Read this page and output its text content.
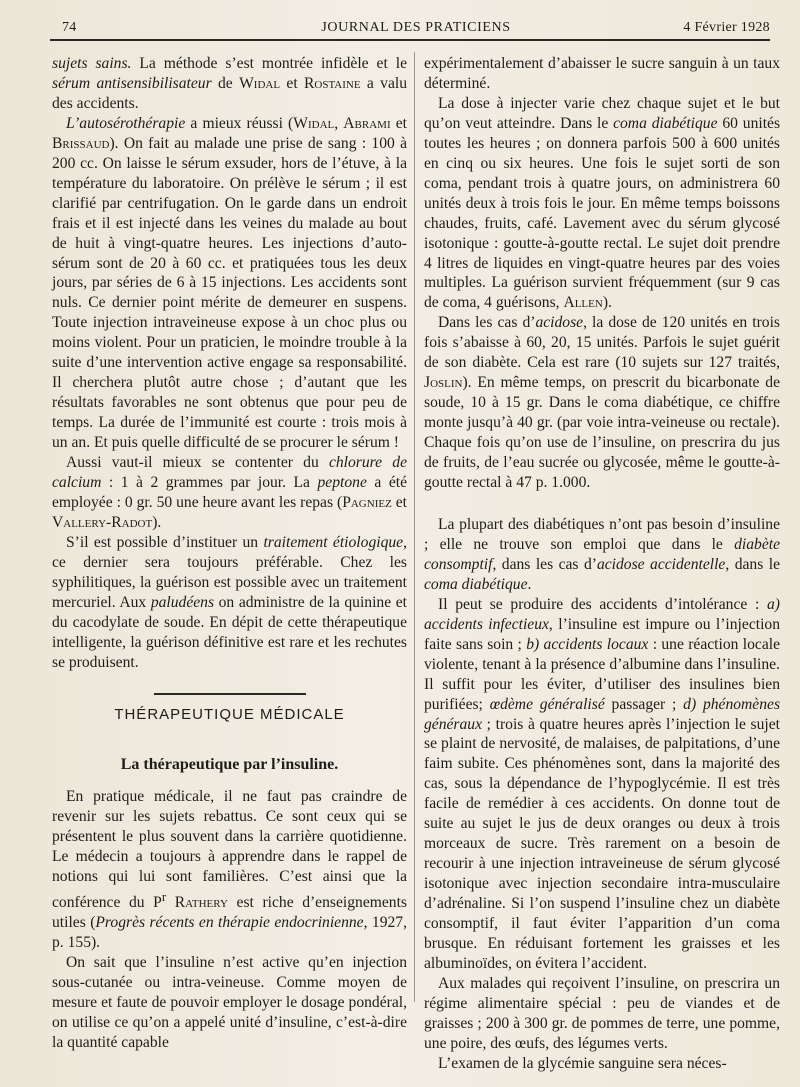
74	JOURNAL DES PRATICIENS	4 Février 1928

sujets sains. La méthode s’est montrée infidèle et le sérum antisensibilisateur de Widal et Rostaine a valu des accidents.

L’autosérothérapie a mieux réussi (Widal, Abrami et Brissaud). On fait au malade une prise de sang : 100 à 200 cc. On laisse le sérum exsuder, hors de l’étuve, à la température du laboratoire. On prélève le sérum ; il est clarifié par centrifugation. On le garde dans un endroit frais et il est injecté dans les veines du malade au bout de huit à vingt-quatre heures. Les injections d’auto-sérum sont de 20 à 60 cc. et pratiquées tous les deux jours, par séries de 6 à 15 injections. Les accidents sont nuls. Ce dernier point mérite de demeurer en suspens. Toute injection intraveineuse expose à un choc plus ou moins violent. Pour un praticien, le moindre trouble à la suite d’une intervention active engage sa responsabilité. Il cherchera plutôt autre chose ; d’autant que les résultats favorables ne sont obtenus que pour peu de temps. La durée de l’immunité est courte : trois mois à un an. Et puis quelle difficulté de se procurer le sérum !

Aussi vaut-il mieux se contenter du chlorure de calcium : 1 à 2 grammes par jour. La peptone a été employée : 0 gr. 50 une heure avant les repas (Pagniez et Vallery-Radot).

S’il est possible d’instituer un traitement étiologique, ce dernier sera toujours préférable. Chez les syphilitiques, la guérison est possible avec un traitement mercuriel. Aux paludéens on administre de la quinine et du cacodylate de soude. En dépit de cette thérapeutique intelligente, la guérison définitive est rare et les rechutes se produisent.

THÉRAPEUTIQUE MÉDICALE

La thérapeutique par l’insuline.

En pratique médicale, il ne faut pas craindre de revenir sur les sujets rebattus. Ce sont ceux qui se présentent le plus souvent dans la carrière quotidienne. Le médecin a toujours à apprendre dans le rappel de notions qui lui sont familières. C’est ainsi que la conférence du $P^r$ Rathery est riche d’enseignements utiles (Progrès récents en thérapie endocrinienne, 1927, p. 155).

On sait que l’insuline n’est active qu’en injection sous-cutanée ou intra-veineuse. Comme moyen de mesure et faute de pouvoir employer le dosage pondéral, on utilise ce qu’on a appelé unité d’insuline, c’est-à-dire la quantité capable

expérimentalement d’abaisser le sucre sanguin à un taux déterminé.

La dose à injecter varie chez chaque sujet et le but qu’on veut atteindre. Dans le coma diabétique 60 unités toutes les heures ; on donnera parfois 500 à 600 unités en cinq ou six heures. Une fois le sujet sorti de son coma, pendant trois à quatre jours, on administrera 60 unités deux à trois fois le jour. En même temps boissons chaudes, fruits, café. Lavement avec du sérum glycosé isotonique : goutte-à-goutte rectal. Le sujet doit prendre 4 litres de liquides en vingt-quatre heures par des voies multiples. La guérison survient fréquemment (sur 9 cas de coma, 4 guérisons, Allen).

Dans les cas d’acidose, la dose de 120 unités en trois fois s’abaisse à 60, 20, 15 unités. Parfois le sujet guérit de son diabète. Cela est rare (10 sujets sur 127 traités, Joslin). En même temps, on prescrit du bicarbonate de soude, 10 à 15 gr. Dans le coma diabétique, ce chiffre monte jusqu’à 40 gr. (par voie intra-veineuse ou rectale). Chaque fois qu’on use de l’insuline, on prescrira du jus de fruits, de l’eau sucrée ou glycosée, même le goutte-à-goutte rectal à 47 p. 1.000.

La plupart des diabétiques n’ont pas besoin d’insuline ; elle ne trouve son emploi que dans le diabète consomptif, dans les cas d’acidose accidentelle, dans le coma diabétique.

Il peut se produire des accidents d’intolérance : a) accidents infectieux, l’insuline est impure ou l’injection faite sans soin ; b) accidents locaux : une réaction locale violente, tenant à la présence d’albumine dans l’insuline. Il suffit pour les éviter, d’utiliser des insulines bien purifiées; œdème généralisé passager ; d) phénomènes généraux ; trois à quatre heures après l’injection le sujet se plaint de nervosité, de malaises, de palpitations, d’une faim subite. Ces phénomènes sont, dans la majorité des cas, sous la dépendance de l’hypoglycémie. Il est très facile de remédier à ces accidents. On donne tout de suite au sujet le jus de deux oranges ou deux à trois morceaux de sucre. Très rarement on a besoin de recourir à une injection intraveineuse de sérum glycosé isotonique avec injection secondaire intra-musculaire d’adrénaline. Si l’on suspend l’insuline chez un diabète consomptif, il faut éviter l’apparition d’un coma brusque. En réduisant fortement les graisses et les albuminoïdes, on évitera l’accident.

Aux malades qui reçoivent l’insuline, on prescrira un régime alimentaire spécial : peu de viandes et de graisses ; 200 à 300 gr. de pommes de terre, une pomme, une poire, des œufs, des légumes verts.

L’examen de la glycémie sanguine sera néces-
